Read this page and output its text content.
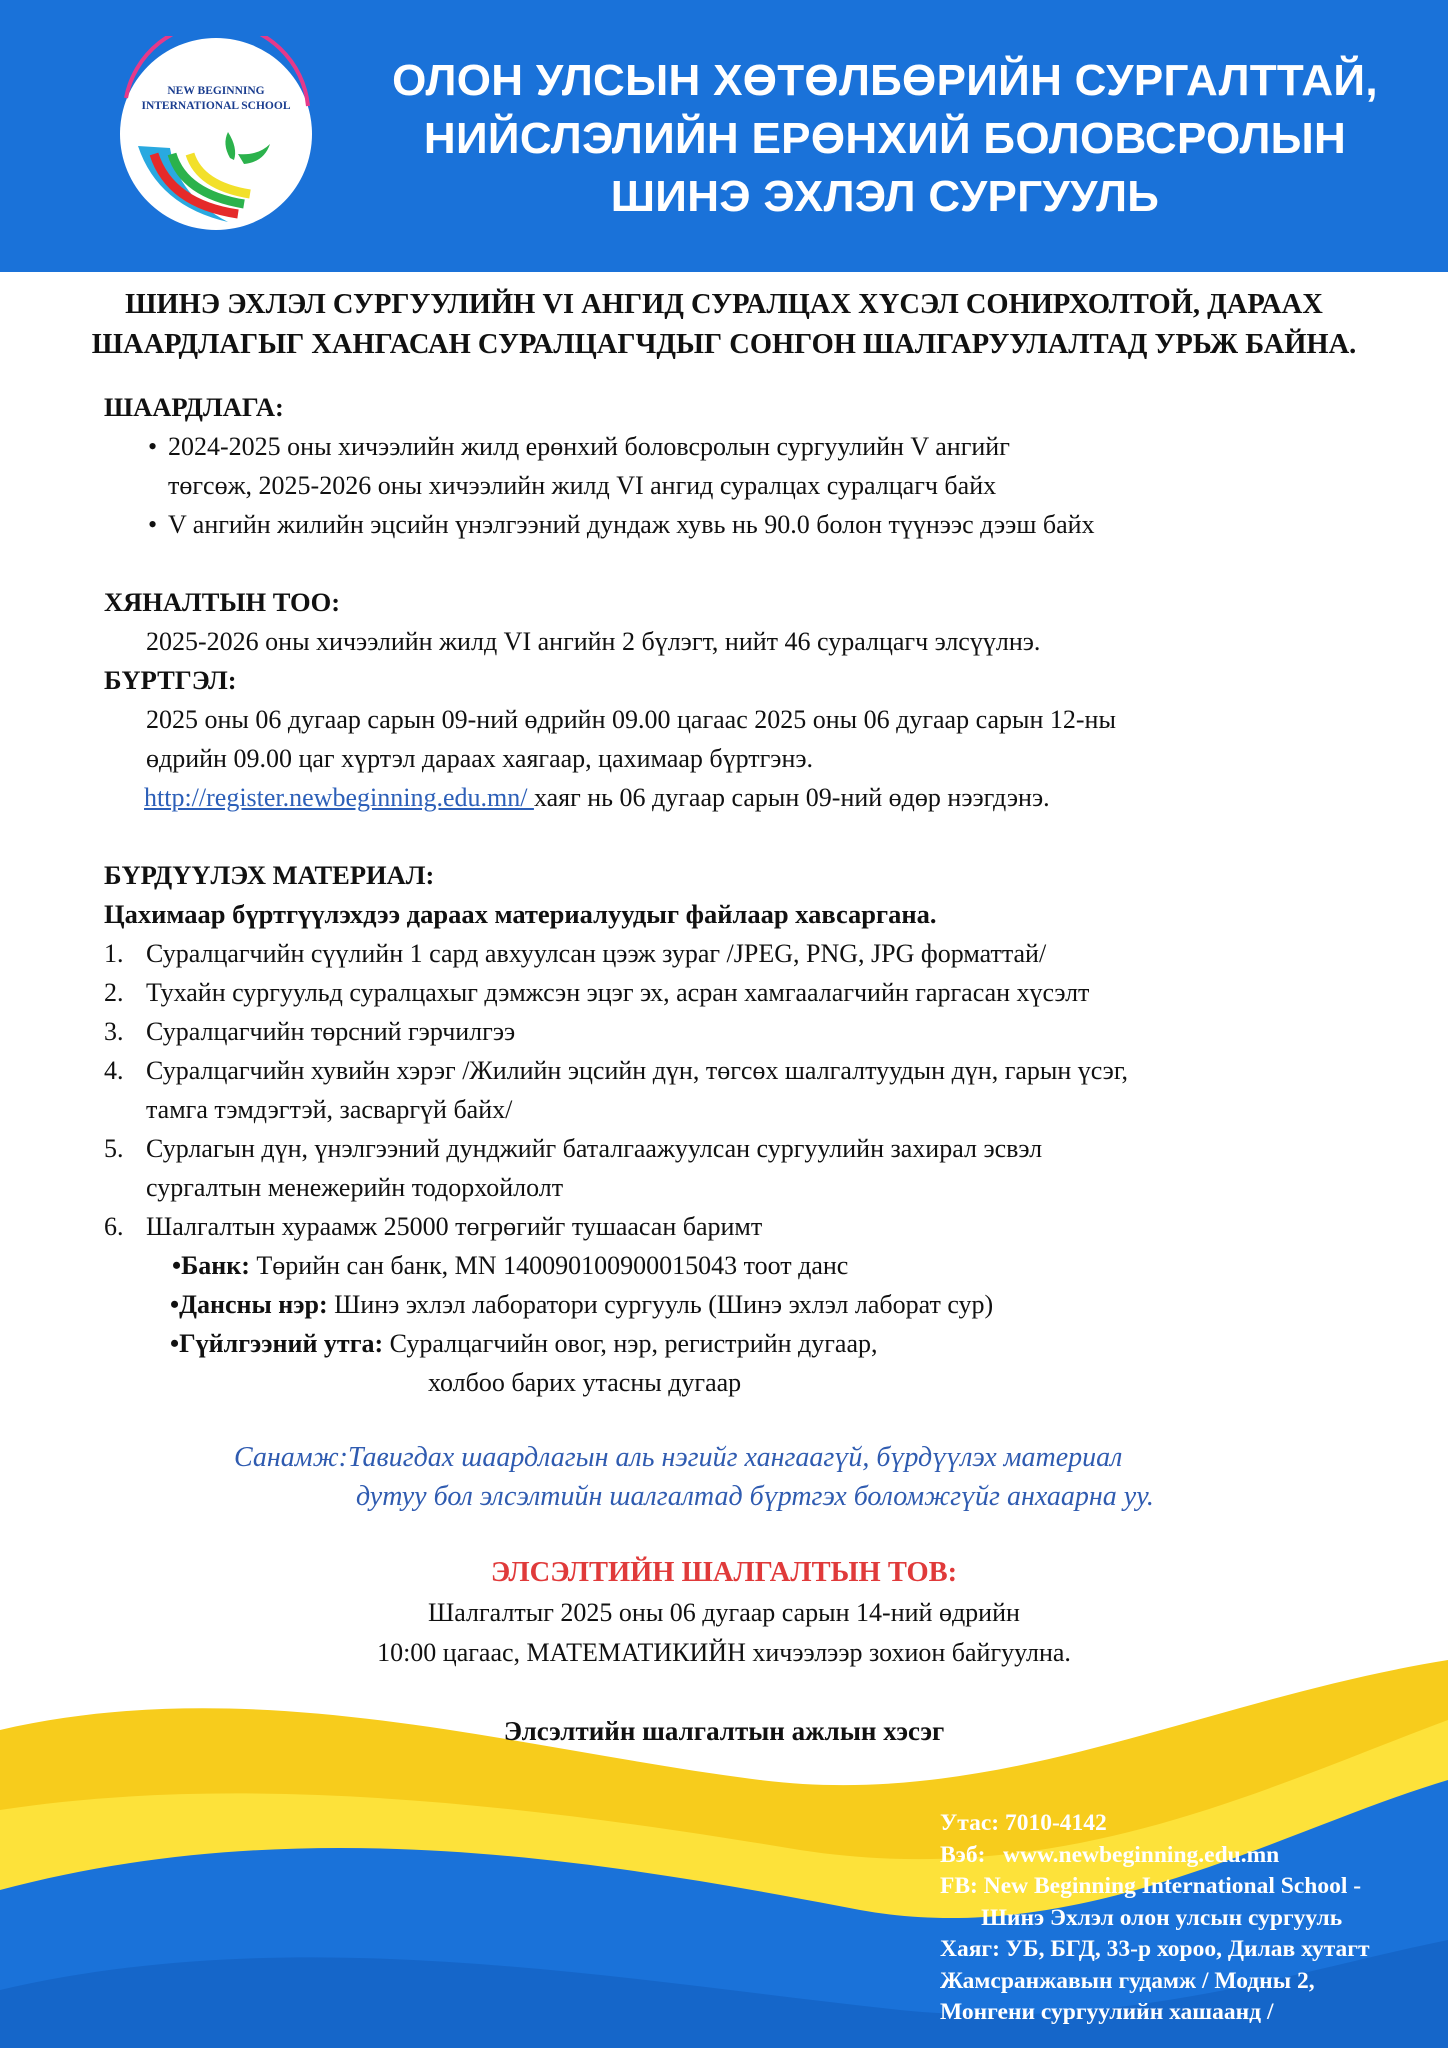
NEW BEGINNING
INTERNATIONAL SCHOOL
ОЛОН УЛСЫН ХӨТӨЛБӨРИЙН СУРГАЛТТАЙ,
НИЙСЛЭЛИЙН ЕРӨНХИЙ БОЛОВСРОЛЫН
ШИНЭ ЭХЛЭЛ СУРГУУЛЬ
ШИНЭ ЭХЛЭЛ СУРГУУЛИЙН VI АНГИД СУРАЛЦАХ ХҮСЭЛ СОНИРХОЛТОЙ, ДАРААХ
ШААРДЛАГЫГ ХАНГАСАН СУРАЛЦАГЧДЫГ СОНГОН ШАЛГАРУУЛАЛТАД УРЬЖ БАЙНА.
ШААРДЛАГА:
• 2024-2025 оны хичээлийн жилд ерөнхий боловсролын сургуулийн V ангийг
төгсөж, 2025-2026 оны хичээлийн жилд VI ангид суралцах суралцагч байх
• V ангийн жилийн эцсийн үнэлгээний дундаж хувь нь 90.0 болон түүнээс дээш байх
ХЯНАЛТЫН ТОО:
2025-2026 оны хичээлийн жилд VI ангийн 2 бүлэгт, нийт 46 суралцагч элсүүлнэ.
БҮРТГЭЛ:
2025 оны 06 дугаар сарын 09-ний өдрийн 09.00 цагаас 2025 оны 06 дугаар сарын 12-ны
өдрийн 09.00 цаг хүртэл дараах хаягаар, цахимаар бүртгэнэ.
http://register.newbeginning.edu.mn/ хаяг нь 06 дугаар сарын 09-ний өдөр нээгдэнэ.
БҮРДҮҮЛЭХ МАТЕРИАЛ:
Цахимаар бүртгүүлэхдээ дараах материалуудыг файлаар хавсаргана.
1. Суралцагчийн сүүлийн 1 сард авхуулсан цээж зураг /JPEG, PNG, JPG форматтай/
2. Тухайн сургуульд суралцахыг дэмжсэн эцэг эх, асран хамгаалагчийн гаргасан хүсэлт
3. Суралцагчийн төрсний гэрчилгээ
4. Суралцагчийн хувийн хэрэг /Жилийн эцсийн дүн, төгсөх шалгалтуудын дүн, гарын үсэг,
тамга тэмдэгтэй, засваргүй байх/
5. Сурлагын дүн, үнэлгээний дунджийг баталгаажуулсан сургуулийн захирал эсвэл
сургалтын менежерийн тодорхойлолт
6. Шалгалтын хураамж 25000 төгрөгийг тушаасан баримт
•Банк: Төрийн сан банк, MN 140090100900015043 тоот данс
•Дансны нэр: Шинэ эхлэл лаборатори сургууль (Шинэ эхлэл лаборат сур)
•Гүйлгээний утга: Суралцагчийн овог, нэр, регистрийн дугаар,
холбоо барих утасны дугаар
Санамж:Тавигдах шаардлагын аль нэгийг хангаагүй, бүрдүүлэх материал
дутуу бол элсэлтийн шалгалтад бүртгэх боломжгүйг анхаарна уу.
ЭЛСЭЛТИЙН ШАЛГАЛТЫН ТОВ:
Шалгалтыг 2025 оны 06 дугаар сарын 14-ний өдрийн
10:00 цагаас, МАТЕМАТИКИЙН хичээлээр зохион байгуулна.
Элсэлтийн шалгалтын ажлын хэсэг
Утас: 7010-4142
Вэб:   www.newbeginning.edu.mn
FB: New Beginning International School -
Шинэ Эхлэл олон улсын сургууль
Хаяг: УБ, БГД, 33-р хороо, Дилав хутагт
Жамсранжавын гудамж / Модны 2,
Монгени сургуулийн хашаанд /
